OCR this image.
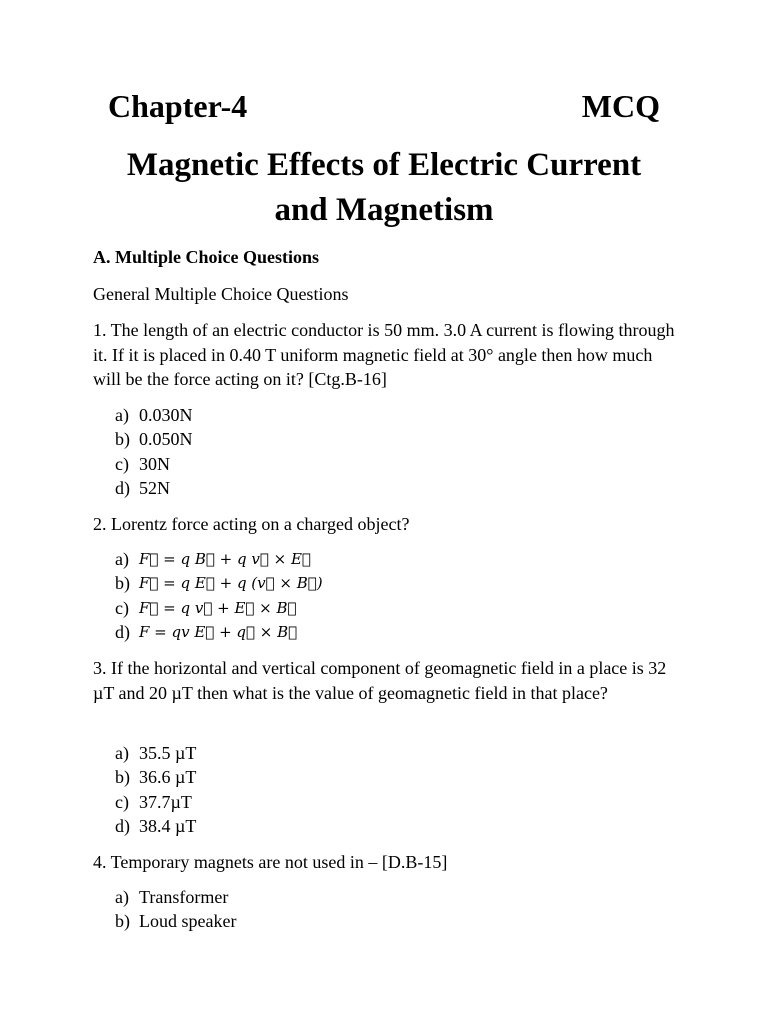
Chapter-4	MCQ
Magnetic Effects of Electric Current
and Magnetism
A. Multiple Choice Questions
General Multiple Choice Questions
1. The length of an electric conductor is 50 mm. 3.0 A current is flowing through it. If it is placed in 0.40 T uniform magnetic field at 30° angle then how much will be the force acting on it? [Ctg.B-16]
a) 0.030N
b) 0.050N
c) 30N
d) 52N
2. Lorentz force acting on a charged object?
a) F⃗ = q B⃗ + q v⃗ × E⃗
b) F⃗ = q E⃗ + q (v⃗ × B⃗)
c) F⃗ = q v⃗ + E⃗ × B⃗
d) F = qv E⃗ + q⃗ × B⃗
3. If the horizontal and vertical component of geomagnetic field in a place is 32 µT and 20 µT then what is the value of geomagnetic field in that place?
a) 35.5 µT
b) 36.6 µT
c) 37.7µT
d) 38.4 µT
4. Temporary magnets are not used in – [D.B-15]
a) Transformer
b) Loud speaker
